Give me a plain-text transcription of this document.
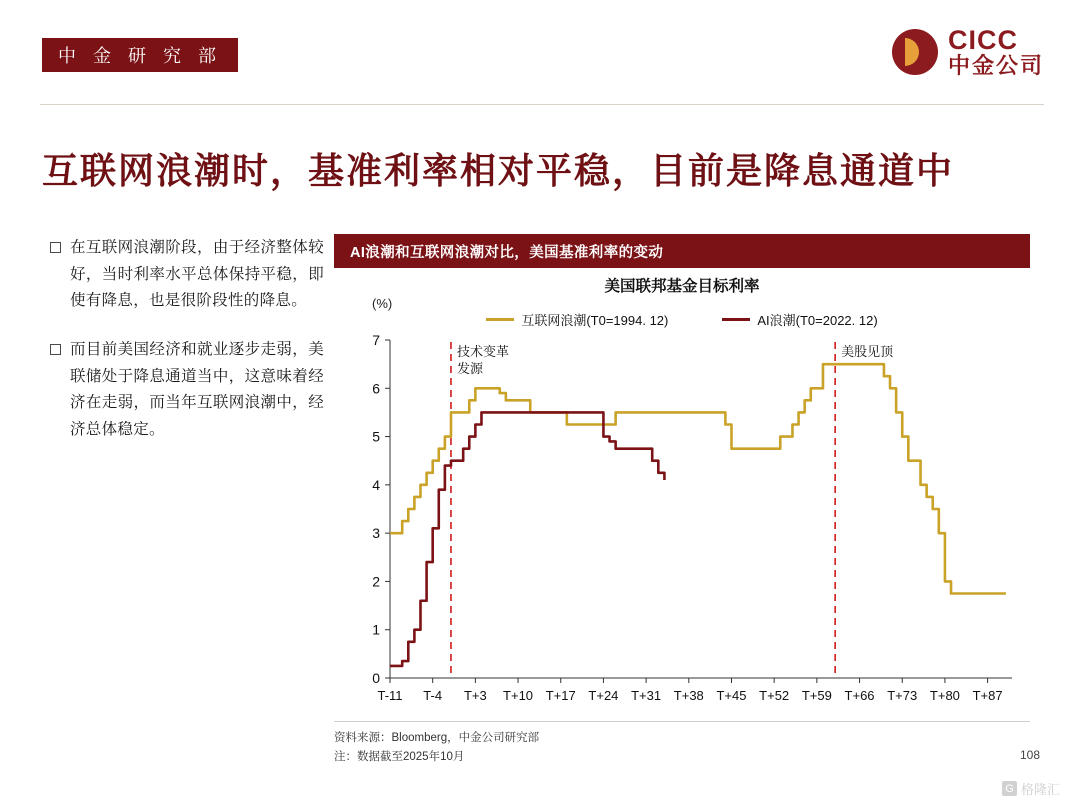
中 金 研 究 部
CICC
中金公司
互联网浪潮时，基准利率相对平稳，目前是降息通道中
在互联网浪潮阶段，由于经济整体较好，当时利率水平总体保持平稳，即使有降息，也是很阶段性的降息。
而目前美国经济和就业逐步走弱，美联储处于降息通道当中，这意味着经济在走弱，而当年互联网浪潮中，经济总体稳定。
AI浪潮和互联网浪潮对比，美国基准利率的变动
美国联邦基金目标利率
(%)
互联网浪潮(T0=1994. 12)	AI浪潮(T0=2022. 12)
0
1
2
3
4
5
6
7
T-11 T-4 T+3 T+10 T+17 T+24 T+31 T+38 T+45 T+52 T+59 T+66 T+73 T+80 T+87
技术变革
发源
美股见顶
资料来源：Bloomberg，中金公司研究部
注：数据截至2025年10月	108
G 格隆汇
